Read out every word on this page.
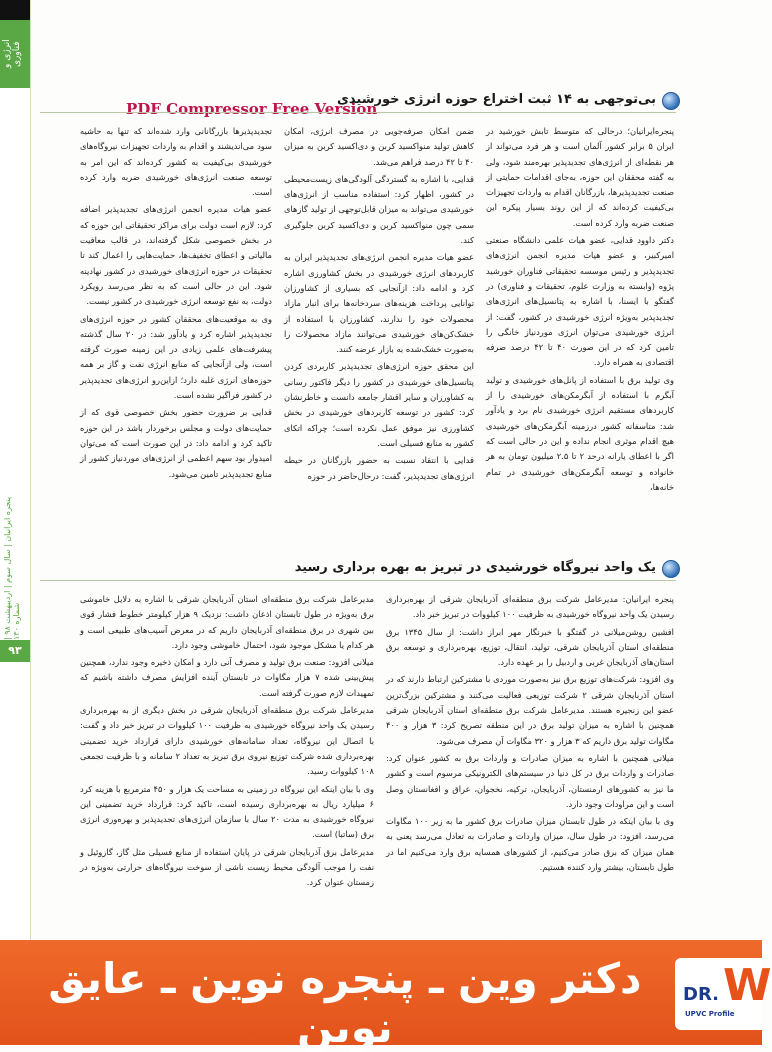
انرژی و فناوری
پنجره ایرانیان | سال سوم | اردیبهشت ۹۸ | شماره ۱۳۰
۹۳
PDF Compressor Free Version
بی‌توجهی به ۱۴ ثبت اختراع حوزه انرژی خورشیدی

پنجره‌ایرانیان؛ درحالی که متوسط تابش خورشید در ایران ۵ برابر کشور آلمان است و هر فرد می‌تواند از هر نقطه‌ای از انرژی‌های تجدیدپذیر بهره‌مند شود، ولی به گفته محققان این حوزه، به‌جای اقدامات حمایتی از صنعت تجدیدپذیرها، بازرگانان اقدام به واردات تجهیزات بی‌کیفیت کرده‌اند که از این روند بسیار پیکره این صنعت ضربه وارد کرده است.

دکتر داوود قدایی، عضو هیات علمی دانشگاه صنعتی امیرکبیر، و عضو هیات مدیره انجمن انرژی‌های تجدیدپذیر و رئیس موسسه تحقیقاتی فناوران خورشید پژوه (وابسته به وزارت علوم، تحقیقات و فناوری) در گفتگو با ایسنا، با اشاره به پتانسیل‌های انرژی‌های تجدیدپذیر به‌ویژه انرژی خورشیدی در کشور، گفت: از انرژی خورشیدی می‌توان انرژی موردنیاز خانگی را تامین کرد که در این صورت ۴۰ تا ۴۲ درصد صرفه اقتصادی به همراه دارد.

وی تولید برق با استفاده از پانل‌های خورشیدی و تولید آبگرم با استفاده از آبگرمکن‌های خورشیدی را از کاربردهای مستقیم انرژی خورشیدی نام برد و یادآور شد: متاسفانه کشور درزمینه آبگرمکن‌های خورشیدی هیچ اقدام موثری انجام نداده و این در حالی است که اگر با اعطای یارانه درحد ۲ تا ۲.۵ میلیون تومان به هر خانواده و توسعه آبگرمکن‌های خورشیدی در تمام خانه‌ها،

ضمن امکان صرفه‌جویی در مصرف انرژی، امکان کاهش تولید منواکسید کربن و دی‌اکسید کربن به میزان ۴۰ تا ۴۲ درصد فراهم می‌شد.

قدایی، با اشاره به گستردگی آلودگی‌های زیست‌محیطی در کشور، اظهار کرد: استفاده مناسب از انرژی‌های خورشیدی می‌تواند به میزان قابل‌توجهی از تولید گازهای سمی چون منواکسید کربن و دی‌اکسید کربن جلوگیری کند.

عضو هیات مدیره انجمن انرژی‌های تجدیدپذیر ایران به کاربردهای انرژی خورشیدی در بخش کشاورزی اشاره کرد و ادامه داد: ازآنجایی که بسیاری از کشاورزان توانایی پرداخت هزینه‌های سردخانه‌ها برای انبار مازاد محصولات خود را ندارند، کشاورزان با استفاده از خشک‌کن‌های خورشیدی می‌توانند مازاد محصولات را به‌صورت خشک‌شده به بازار عرضه کنند.

این محقق حوزه انرژی‌های تجدیدپذیر کاربردی کردن پتانسیل‌های خورشیدی در کشور را دیگر فاکتور رسانی به کشاورزان و سایر اقشار جامعه دانست و خاطرنشان کرد: کشور در توسعه کاربردهای خورشیدی در بخش کشاورزی نیز موفق عمل نکرده است؛ چراکه اتکای کشور به منابع فسیلی است.

قدایی با انتقاد نسبت به حضور بازرگانان در حیطه انرژی‌های تجدیدپذیر، گفت: درحال‌حاضر در حوزه

تجدیدپذیرها بازرگانانی وارد شده‌اند که تنها به حاشیه سود می‌اندیشند و اقدام به واردات تجهیزات نیروگاه‌های خورشیدی بی‌کیفیت به کشور کرده‌اند که این امر به توسعه صنعت انرژی‌های خورشیدی ضربه وارد کرده است.

عضو هیات مدیره انجمن انرژی‌های تجدیدپذیر اضافه کرد: لازم است دولت برای مراکز تحقیقاتی این حوزه که در بخش خصوصی شکل گرفته‌اند، در قالب معافیت مالیاتی و اعطای تخفیف‌ها، حمایت‌هایی را اعمال کند تا تحقیقات در حوزه انرژی‌های خورشیدی در کشور نهادینه شود. این در حالی است که به نظر می‌رسد رویکرد دولت، به نفع توسعه انرژی خورشیدی در کشور نیست.

وی به موقعیت‌های محققان کشور در حوزه انرژی‌های تجدیدپذیر اشاره کرد و یادآور شد: در ۲۰ سال گذشته پیشرفت‌های علمی زیادی در این زمینه صورت گرفته است، ولی ازآنجایی که منابع انرژی نفت و گاز بر همه حوزه‌های انرژی غلبه دارد؛ ازاین‌رو انرژی‌های تجدیدپذیر در کشور فراگیر نشده است.

قدایی بر ضرورت حضور بخش خصوصی قوی که از حمایت‌های دولت و مجلس برخوردار باشد در این حوزه تاکید کرد و ادامه داد: در این صورت است که می‌توان امیدوار بود سهم اعظمی از انرژی‌های موردنیاز کشور از منابع تجدیدپذیر تامین می‌شود.

یک واحد نیروگاه خورشیدی در تبریز به بهره برداری رسید

پنجره ایرانیان: مدیرعامل شرکت برق منطقه‌ای آذربایجان شرقی از بهره‌برداری رسیدن یک واحد نیروگاه خورشیدی به ظرفیت ۱۰۰ کیلووات در تبریز خبر داد.

افشین روشن‌میلانی در گفتگو با خبرنگار مهر ابراز داشت: از سال ۱۳۴۵ برق منطقه‌ای استان آذربایجان شرقی، تولید، انتقال، توزیع، بهره‌برداری و توسعه برق استان‌های آذربایجان غربی و اردبیل را بر عهده دارد.

وی افزود: شرکت‌های توزیع برق نیز به‌صورت موردی با مشترکین ارتباط دارند که در استان آذربایجان شرقی ۲ شرکت توزیعی فعالیت می‌کنند و مشترکین بزرگ‌ترین عضو این زنجیره هستند. مدیرعامل شرکت برق منطقه‌ای استان آذربایجان شرقی همچنین با اشاره به میزان تولید برق در این منطقه تصریح کرد: ۳ هزار و ۴۰۰ مگاوات تولید برق داریم که ۳ هزار و ۳۲۰ مگاوات آن مصرف می‌شود.

میلانی همچنین با اشاره به میزان صادرات و واردات برق به کشور عنوان کرد: صادرات و واردات برق در کل دنیا در سیستم‌های الکترونیکی مرسوم است و کشور ما نیز به کشورهای ارمنستان، آذربایجان، ترکیه، نخجوان، عراق و افغانستان وصل است و این مراودات وجود دارد.

وی با بیان اینکه در طول تابستان میزان صادرات برق کشور ما به زیر ۱۰۰ مگاوات می‌رسد، افزود: در طول سال، میزان واردات و صادرات به تعادل می‌رسد یعنی به همان میزان که برق صادر می‌کنیم، از کشورهای همسایه برق وارد می‌کنیم اما در طول تابستان، بیشتر وارد کننده هستیم.

مدیرعامل شرکت برق منطقه‌ای استان آذربایجان شرقی با اشاره به دلایل خاموشی برق به‌ویژه در طول تابستان اذعان داشت: نزدیک ۹ هزار کیلومتر خطوط فشار قوی بین شهری در برق منطقه‌ای آذربایجان داریم که در معرض آسیب‌های طبیعی است و هر کدام یا مشکل موجود شود، احتمال خاموشی وجود دارد.

میلانی افزود: صنعت برق تولید و مصرف آنی دارد و امکان ذخیره وجود ندارد، همچنین پیش‌بینی شده ۷ هزار مگاوات در تابستان آینده افزایش مصرف داشته باشیم که تمهیدات لازم صورت گرفته است.

مدیرعامل شرکت برق منطقه‌ای آذربایجان شرقی در بخش دیگری از به بهره‌برداری رسیدن یک واحد نیروگاه خورشیدی به ظرفیت ۱۰۰ کیلووات در تبریز خبر داد و گفت: با اتصال این نیروگاه، تعداد سامانه‌های خورشیدی دارای قرارداد خرید تضمینی بهره‌برداری شده شرکت توزیع نیروی برق تبریز به تعداد ۲ سامانه و با ظرفیت تجمعی ۱۰۸ کیلووات رسید.

وی با بیان اینکه این نیروگاه در زمینی به مساحت یک هزار و ۴۵۰ مترمربع با هزینه کرد ۶ میلیارد ریال به بهره‌برداری رسیده است، تاکید کرد: قرارداد خرید تضمینی این نیروگاه خورشیدی به مدت ۲۰ سال با سازمان انرژی‌های تجدیدپذیر و بهره‌وری انرژی برق (ساتبا) است.

مدیرعامل برق آذربایجان شرقی در پایان استفاده از منابع فسیلی مثل گاز، گازوئیل و نفت را موجب آلودگی محیط زیست ناشی از سوخت نیروگاه‌های حرارتی به‌ویژه در زمستان عنوان کرد.

دکتر وین ـ پنجره نوین ـ عایق نوین
DR. W
UPVC Profile
